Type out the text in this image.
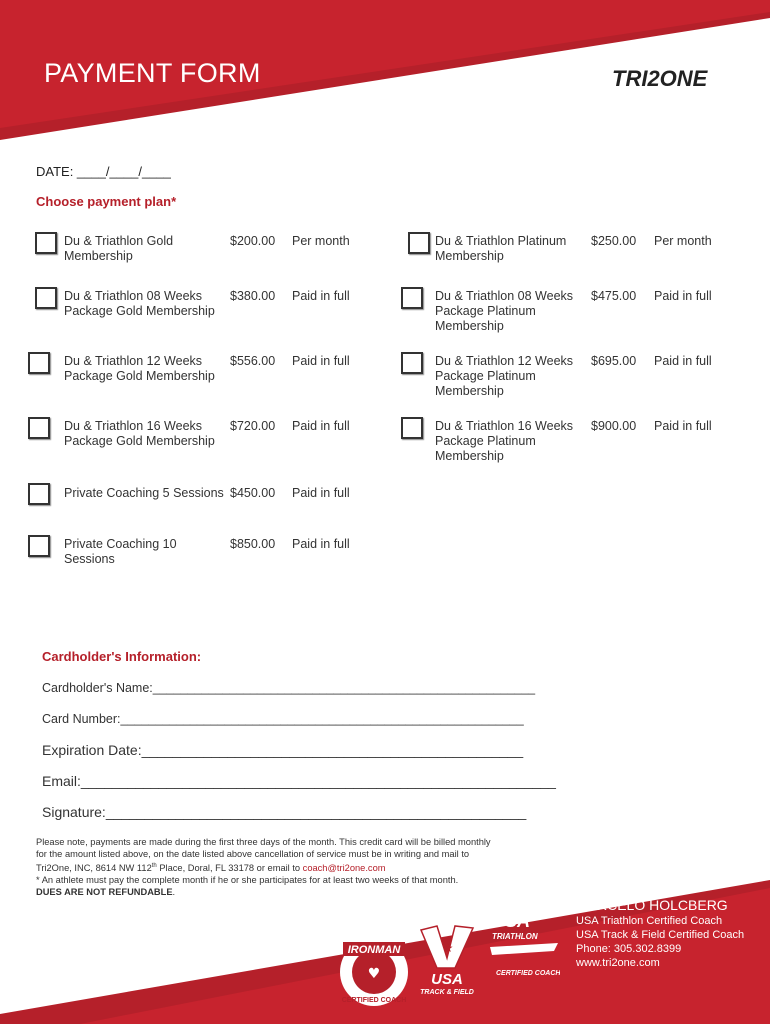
PAYMENT FORM	TRI2ONE
DATE: ____/____/____
Choose payment plan*
Du & Triathlon Gold Membership
$200.00 Per month
Du & Triathlon 08 Weeks Package Gold Membership
$380.00 Paid in full
Du & Triathlon 12 Weeks Package Gold Membership
$556.00 Paid in full
Du & Triathlon 16 Weeks Package Gold Membership
$720.00 Paid in full
Private Coaching 5 Sessions $450.00 Paid in full
Private Coaching 10 Sessions
$850.00 Paid in full
Du & Triathlon Platinum Membership
$250.00 Per month
Du & Triathlon 08 Weeks Package Platinum Membership
$475.00 Paid in full
Du & Triathlon 12 Weeks Package Platinum Membership
$695.00 Paid in full
Du & Triathlon 16 Weeks Package Platinum Membership
$900.00 Paid in full
Cardholder's Information:
Cardholder's Name:_______________________________________________________
Card Number:__________________________________________________________
Expiration Date:_________________________________________________
Email:_____________________________________________________________
Signature:______________________________________________________
Please note, payments are made during the first three days of the month. This credit card will be billed monthly
for the amount listed above, on the date listed above cancellation of service must be in writing and mail to
Tri2One, INC, 8614 NW 112th Place, Doral, FL 33178 or email to coach@tri2one.com
* An athlete must pay the complete month if he or she participates for at least two weeks of that month.
DUES ARE NOT REFUNDABLE.
IRONMAN
CERTIFIED COACH
♥
★
USA
TRACK & FIELD
USA
TRIATHLON
CERTIFIED COACH
MARCELO HOLCBERG
USA Triathlon Certified Coach
USA Track & Field Certified Coach
Phone: 305.302.8399
www.tri2one.com
